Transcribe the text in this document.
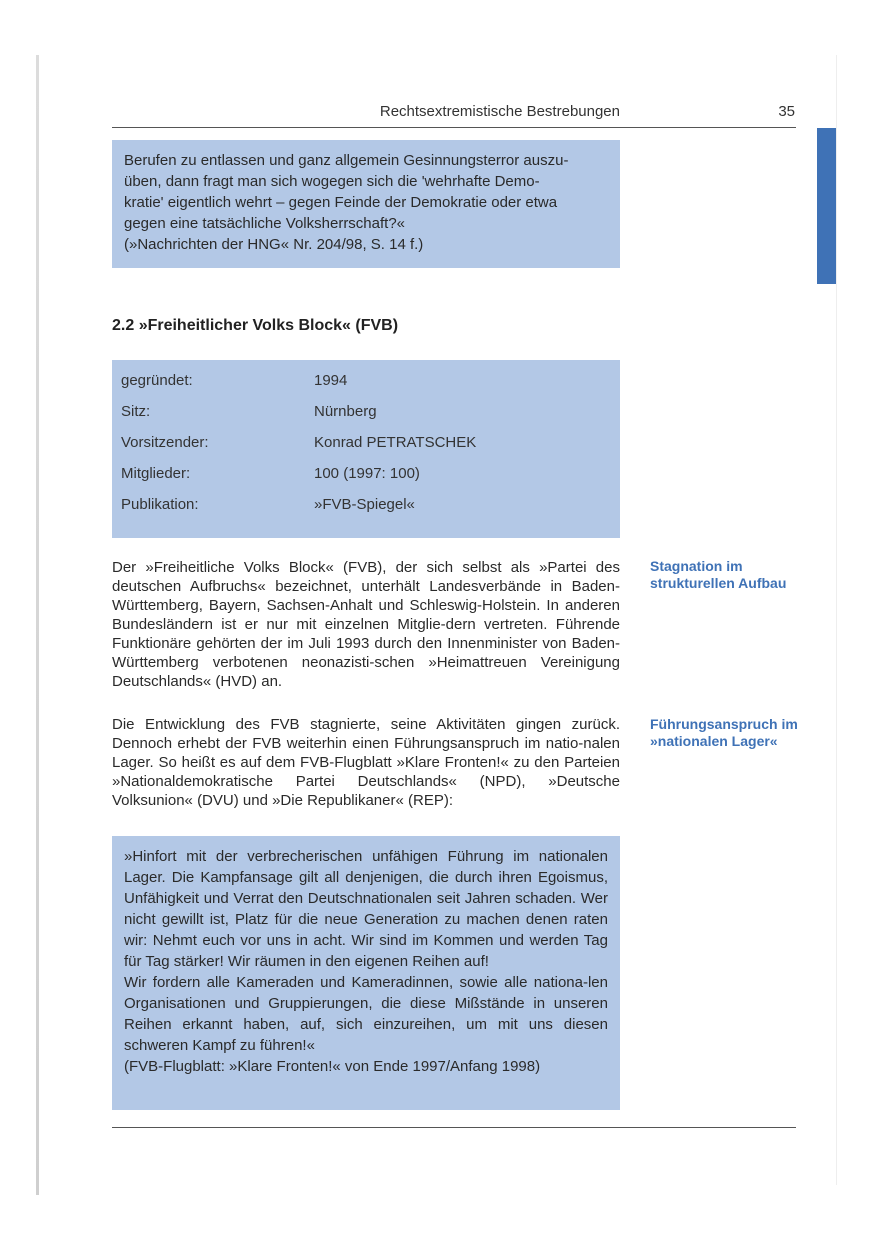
Rechtsextremistische Bestrebungen	35
Berufen zu entlassen und ganz allgemein Gesinnungsterror auszu-
üben, dann fragt man sich wogegen sich die 'wehrhafte Demo-
kratie' eigentlich wehrt – gegen Feinde der Demokratie oder etwa
gegen eine tatsächliche Volksherrschaft?«
(»Nachrichten der HNG« Nr. 204/98, S. 14 f.)
2.2 »Freiheitlicher Volks Block« (FVB)
gegründet:	1994
Sitz:	Nürnberg
Vorsitzender:	Konrad PETRATSCHEK
Mitglieder:	100 (1997: 100)
Publikation:	»FVB-Spiegel«

Der »Freiheitliche Volks Block« (FVB), der sich selbst als »Partei des deutschen Aufbruchs« bezeichnet, unterhält Landesverbände in Baden-Württemberg, Bayern, Sachsen-Anhalt und Schleswig-Holstein. In anderen Bundesländern ist er nur mit einzelnen Mitglie-dern vertreten. Führende Funktionäre gehörten der im Juli 1993 durch den Innenminister von Baden-Württemberg verbotenen neonazisti-schen »Heimattreuen Vereinigung Deutschlands« (HVD) an.

Stagnation im strukturellen Aufbau

Die Entwicklung des FVB stagnierte, seine Aktivitäten gingen zurück. Dennoch erhebt der FVB weiterhin einen Führungsanspruch im natio-nalen Lager. So heißt es auf dem FVB-Flugblatt »Klare Fronten!« zu den Parteien »Nationaldemokratische Partei Deutschlands« (NPD), »Deutsche Volksunion« (DVU) und »Die Republikaner« (REP):

Führungsanspruch im »nationalen Lager«

»Hinfort mit der verbrecherischen unfähigen Führung im nationalen Lager. Die Kampfansage gilt all denjenigen, die durch ihren Egoismus, Unfähigkeit und Verrat den Deutschnationalen seit Jahren schaden. Wer nicht gewillt ist, Platz für die neue Generation zu machen denen raten wir: Nehmt euch vor uns in acht. Wir sind im Kommen und werden Tag für Tag stärker! Wir räumen in den eigenen Reihen auf!

Wir fordern alle Kameraden und Kameradinnen, sowie alle nationa-len Organisationen und Gruppierungen, die diese Mißstände in unseren Reihen erkannt haben, auf, sich einzureihen, um mit uns diesen schweren Kampf zu führen!«

(FVB-Flugblatt: »Klare Fronten!« von Ende 1997/Anfang 1998)
